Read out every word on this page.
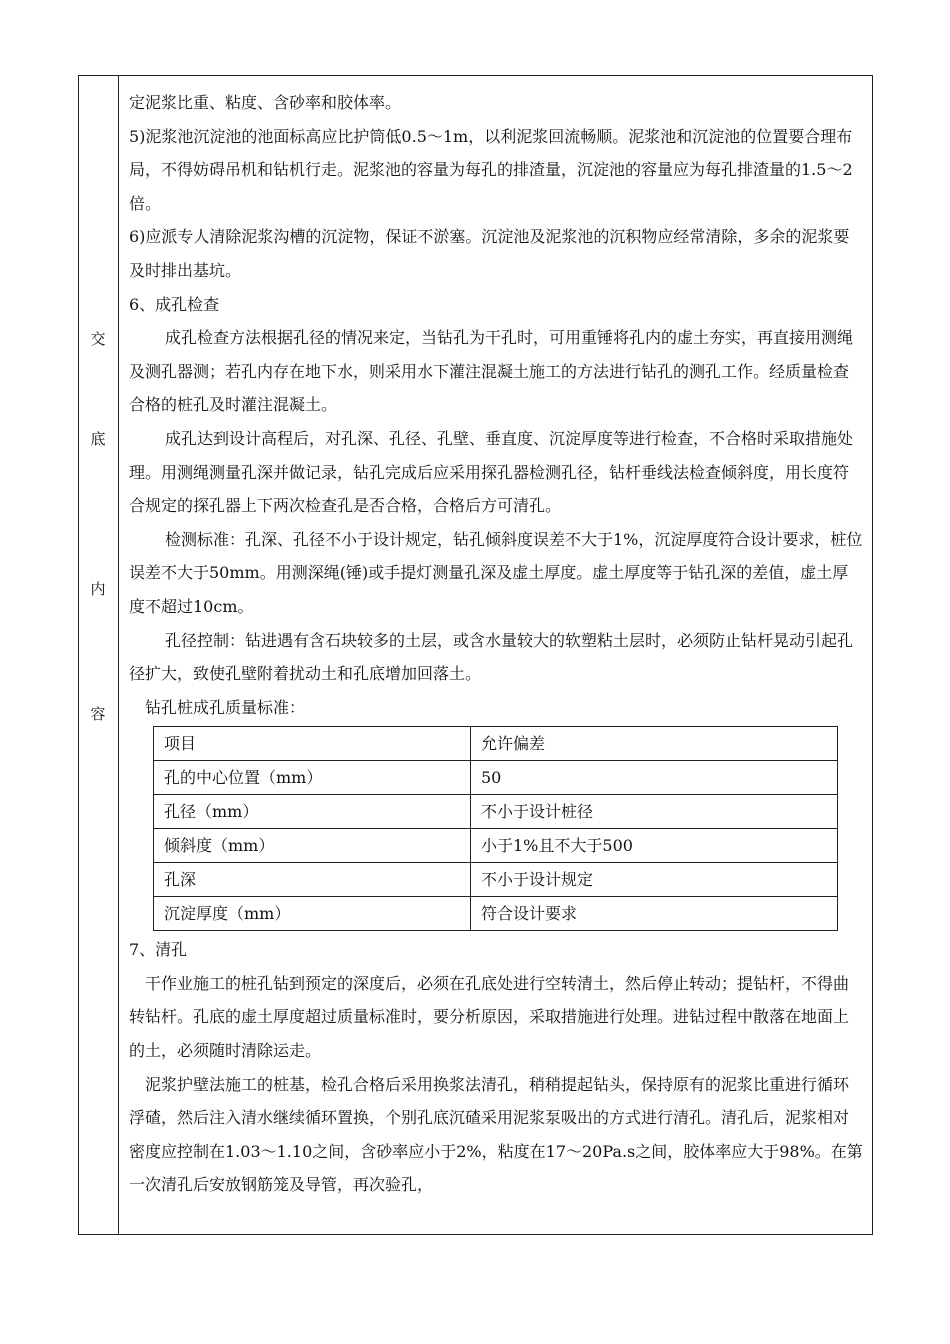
交
底
内
容

定泥浆比重、粘度、含砂率和胶体率。

5)泥浆池沉淀池的池面标高应比护筒低0.5～1m，以利泥浆回流畅顺。泥浆池和沉淀池的位置要合理布局，不得妨碍吊机和钻机行走。泥浆池的容量为每孔的排渣量，沉淀池的容量应为每孔排渣量的1.5～2倍。

6)应派专人清除泥浆沟槽的沉淀物，保证不淤塞。沉淀池及泥浆池的沉积物应经常清除，多余的泥浆要及时排出基坑。

6、成孔检查

成孔检查方法根据孔径的情况来定，当钻孔为干孔时，可用重锤将孔内的虚土夯实，再直接用测绳及测孔器测；若孔内存在地下水，则采用水下灌注混凝土施工的方法进行钻孔的测孔工作。经质量检查合格的桩孔及时灌注混凝土。

成孔达到设计高程后，对孔深、孔径、孔壁、垂直度、沉淀厚度等进行检查，不合格时采取措施处理。用测绳测量孔深并做记录，钻孔完成后应采用探孔器检测孔径，钻杆垂线法检查倾斜度，用长度符合规定的探孔器上下两次检查孔是否合格，合格后方可清孔。

检测标准：孔深、孔径不小于设计规定，钻孔倾斜度误差不大于1%，沉淀厚度符合设计要求，桩位误差不大于50mm。用测深绳(锤)或手提灯测量孔深及虚土厚度。虚土厚度等于钻孔深的差值，虚土厚度不超过10cm。

孔径控制：钻进遇有含石块较多的土层，或含水量较大的软塑粘土层时，必须防止钻杆晃动引起孔径扩大，致使孔壁附着扰动土和孔底增加回落土。

钻孔桩成孔质量标准：

项目	允许偏差
孔的中心位置（mm）	50
孔径（mm）	不小于设计桩径
倾斜度（mm）	小于1%且不大于500
孔深	不小于设计规定
沉淀厚度（mm）	符合设计要求

7、清孔

干作业施工的桩孔钻到预定的深度后，必须在孔底处进行空转清土，然后停止转动；提钻杆，不得曲转钻杆。孔底的虚土厚度超过质量标准时，要分析原因，采取措施进行处理。进钻过程中散落在地面上的土，必须随时清除运走。

泥浆护壁法施工的桩基，检孔合格后采用换浆法清孔，稍稍提起钻头，保持原有的泥浆比重进行循环浮碴，然后注入清水继续循环置换，个别孔底沉碴采用泥浆泵吸出的方式进行清孔。清孔后，泥浆相对密度应控制在1.03～1.10之间，含砂率应小于2%，粘度在17～20Pa.s之间，胶体率应大于98%。在第一次清孔后安放钢筋笼及导管，再次验孔，
